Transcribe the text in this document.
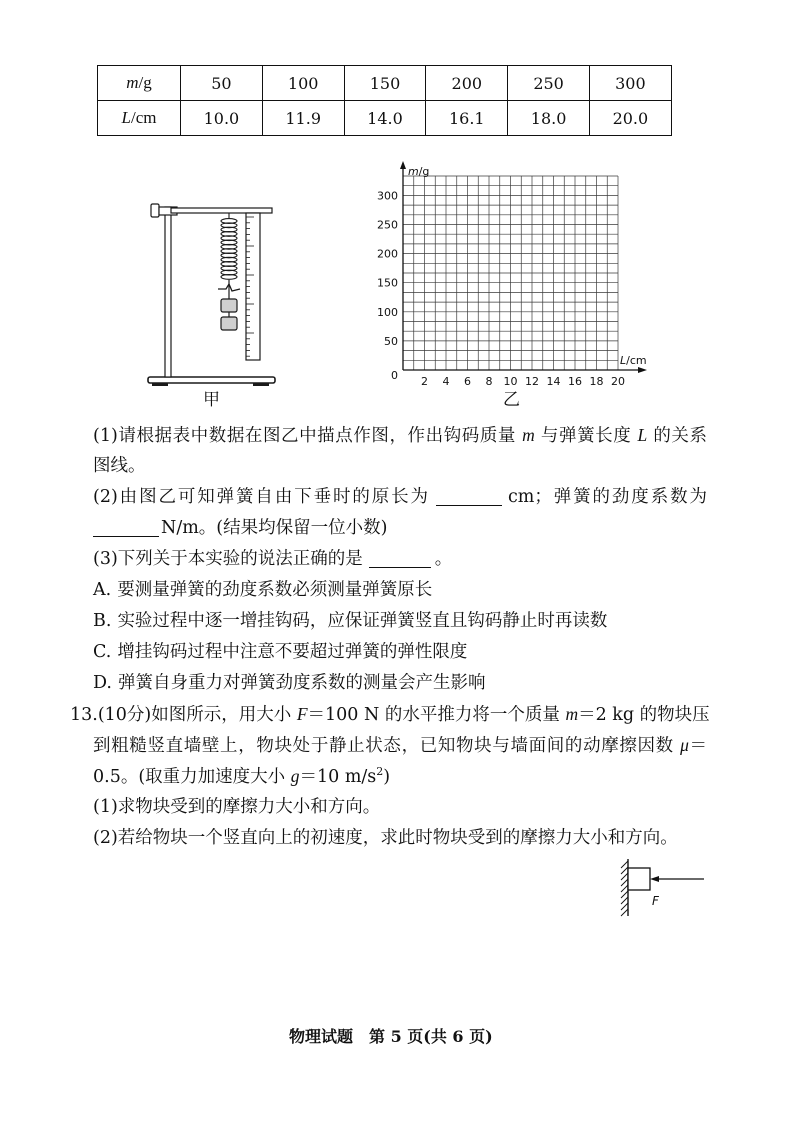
m/g	50	100	150	200	250	300
L/cm	10.0	11.9	14.0	16.1	18.0	20.0
甲
m/g
L/cm
0
50
100
150
200
250
300
2 4 6 8 10 12 14 16 18 20
乙
(1)请根据表中数据在图乙中描点作图，作出钩码质量 m 与弹簧长度 L 的关系
图线。
(2)由图乙可知弹簧自由下垂时的原长为	cm；弹簧的劲度系数为
N/m。(结果均保留一位小数)
(3)下列关于本实验的说法正确的是	。
A. 要测量弹簧的劲度系数必须测量弹簧原长
B. 实验过程中逐一增挂钩码，应保证弹簧竖直且钩码静止时再读数
C. 增挂钩码过程中注意不要超过弹簧的弹性限度
D. 弹簧自身重力对弹簧劲度系数的测量会产生影响
13.(10分)如图所示，用大小 F＝100 N 的水平推力将一个质量 m＝2 kg 的物块压
到粗糙竖直墙壁上，物块处于静止状态，已知物块与墙面间的动摩擦因数 μ＝
0.5。(取重力加速度大小 g＝10 $m/s^2$)
(1)求物块受到的摩擦力大小和方向。
(2)若给物块一个竖直向上的初速度，求此时物块受到的摩擦力大小和方向。
F
物理试题　第 5 页(共 6 页)
